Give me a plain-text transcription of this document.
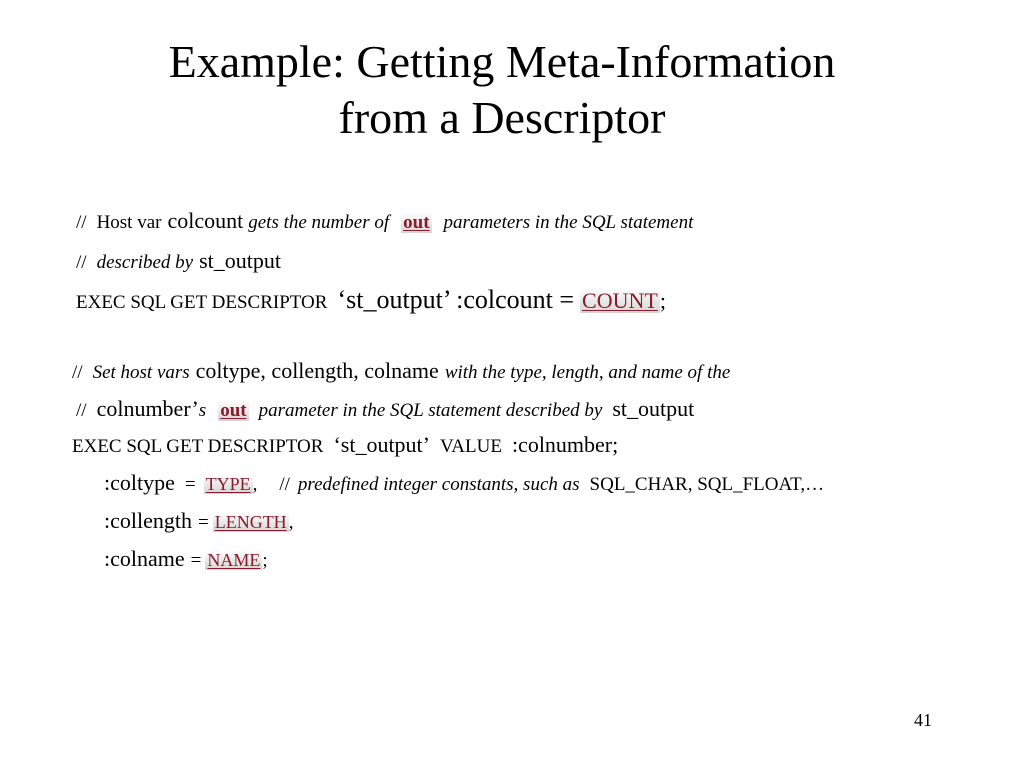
Example: Getting Meta-Information
from a Descriptor
// Host var colcount gets the number of out parameters in the SQL statement
// described by st_output
EXEC SQL GET DESCRIPTOR ‘st_output’ :colcount = COUNT;
// Set host vars coltype, collength, colname with the type, length, and name of the
// colnumber’s out parameter in the SQL statement described by st_output
EXEC SQL GET DESCRIPTOR ‘st_output’ VALUE :colnumber;
:coltype = TYPE , // predefined integer constants, such as SQL_CHAR, SQL_FLOAT,…
:collength = LENGTH ,
:colname = NAME ;
41
